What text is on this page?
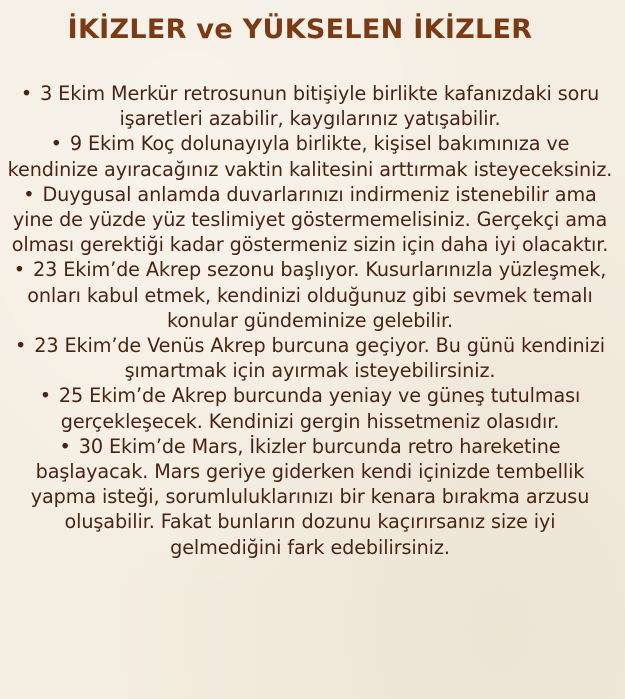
İKİZLER ve YÜKSELEN İKİZLER
• 3 Ekim Merkür retrosunun bitişiyle birlikte kafanızdaki soru işaretleri azabilir, kaygılarınız yatışabilir.
• 9 Ekim Koç dolunayıyla birlikte, kişisel bakımınıza ve kendinize ayıracağınız vaktin kalitesini arttırmak isteyeceksiniz.
• Duygusal anlamda duvarlarınızı indirmeniz istenebilir ama yine de yüzde yüz teslimiyet göstermemelisiniz. Gerçekçi ama olması gerektiği kadar göstermeniz sizin için daha iyi olacaktır.
• 23 Ekim’de Akrep sezonu başlıyor. Kusurlarınızla yüzleşmek, onları kabul etmek, kendinizi olduğunuz gibi sevmek temalı konular gündeminize gelebilir.
• 23 Ekim’de Venüs Akrep burcuna geçiyor. Bu günü kendinizi şımartmak için ayırmak isteyebilirsiniz.
• 25 Ekim’de Akrep burcunda yeniay ve güneş tutulması gerçekleşecek. Kendinizi gergin hissetmeniz olasıdır.
• 30 Ekim’de Mars, İkizler burcunda retro hareketine başlayacak. Mars geriye giderken kendi içinizde tembellik yapma isteği, sorumluluklarınızı bir kenara bırakma arzusu oluşabilir. Fakat bunların dozunu kaçırırsanız size iyi gelmediğini fark edebilirsiniz.
